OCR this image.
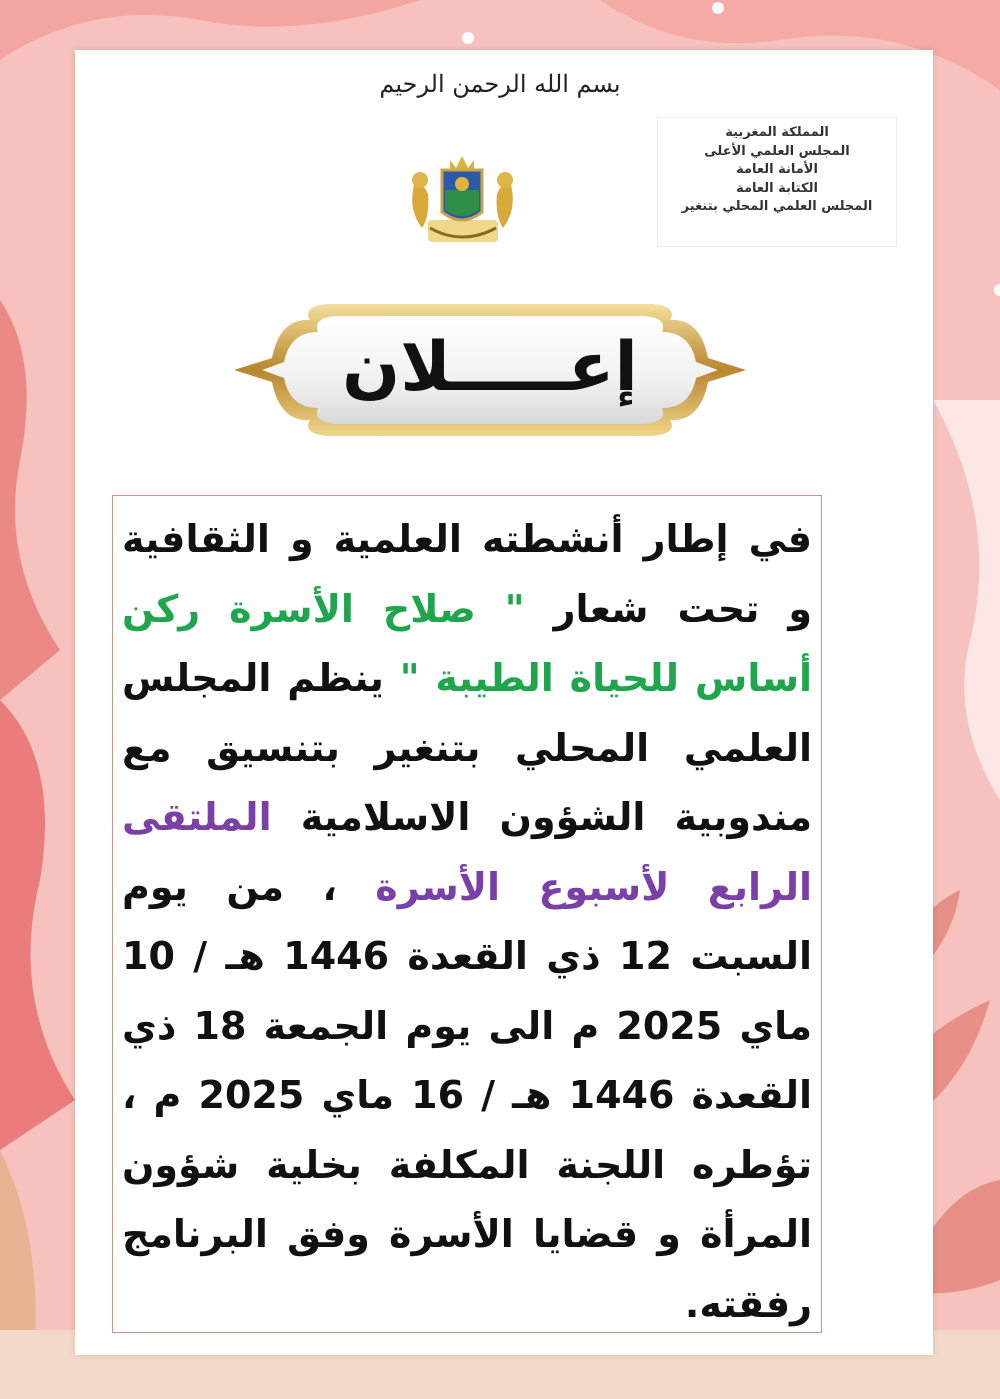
بسم الله الرحمن الرحيم
المملكة المغربية
المجلس العلمي الأعلى
الأمانة العامة
الكتابة العامة
المجلس العلمي المحلي بتنغير
إعـــــلان
في إطار أنشطته العلمية و الثقافية و تحت شعار " صلاح الأسرة ركن أساس للحياة الطيبة " ينظم المجلس العلمي المحلي بتنغير بتنسيق مع مندوبية الشؤون الاسلامية الملتقى الرابع لأسبوع الأسرة ، من يوم السبت 12 ذي القعدة 1446 هـ / 10 ماي 2025 م الى يوم الجمعة 18 ذي القعدة 1446 هـ / 16 ماي 2025 م ، تؤطره اللجنة المكلفة بخلية شؤون المرأة و قضايا الأسرة وفق البرنامج رفقته.
